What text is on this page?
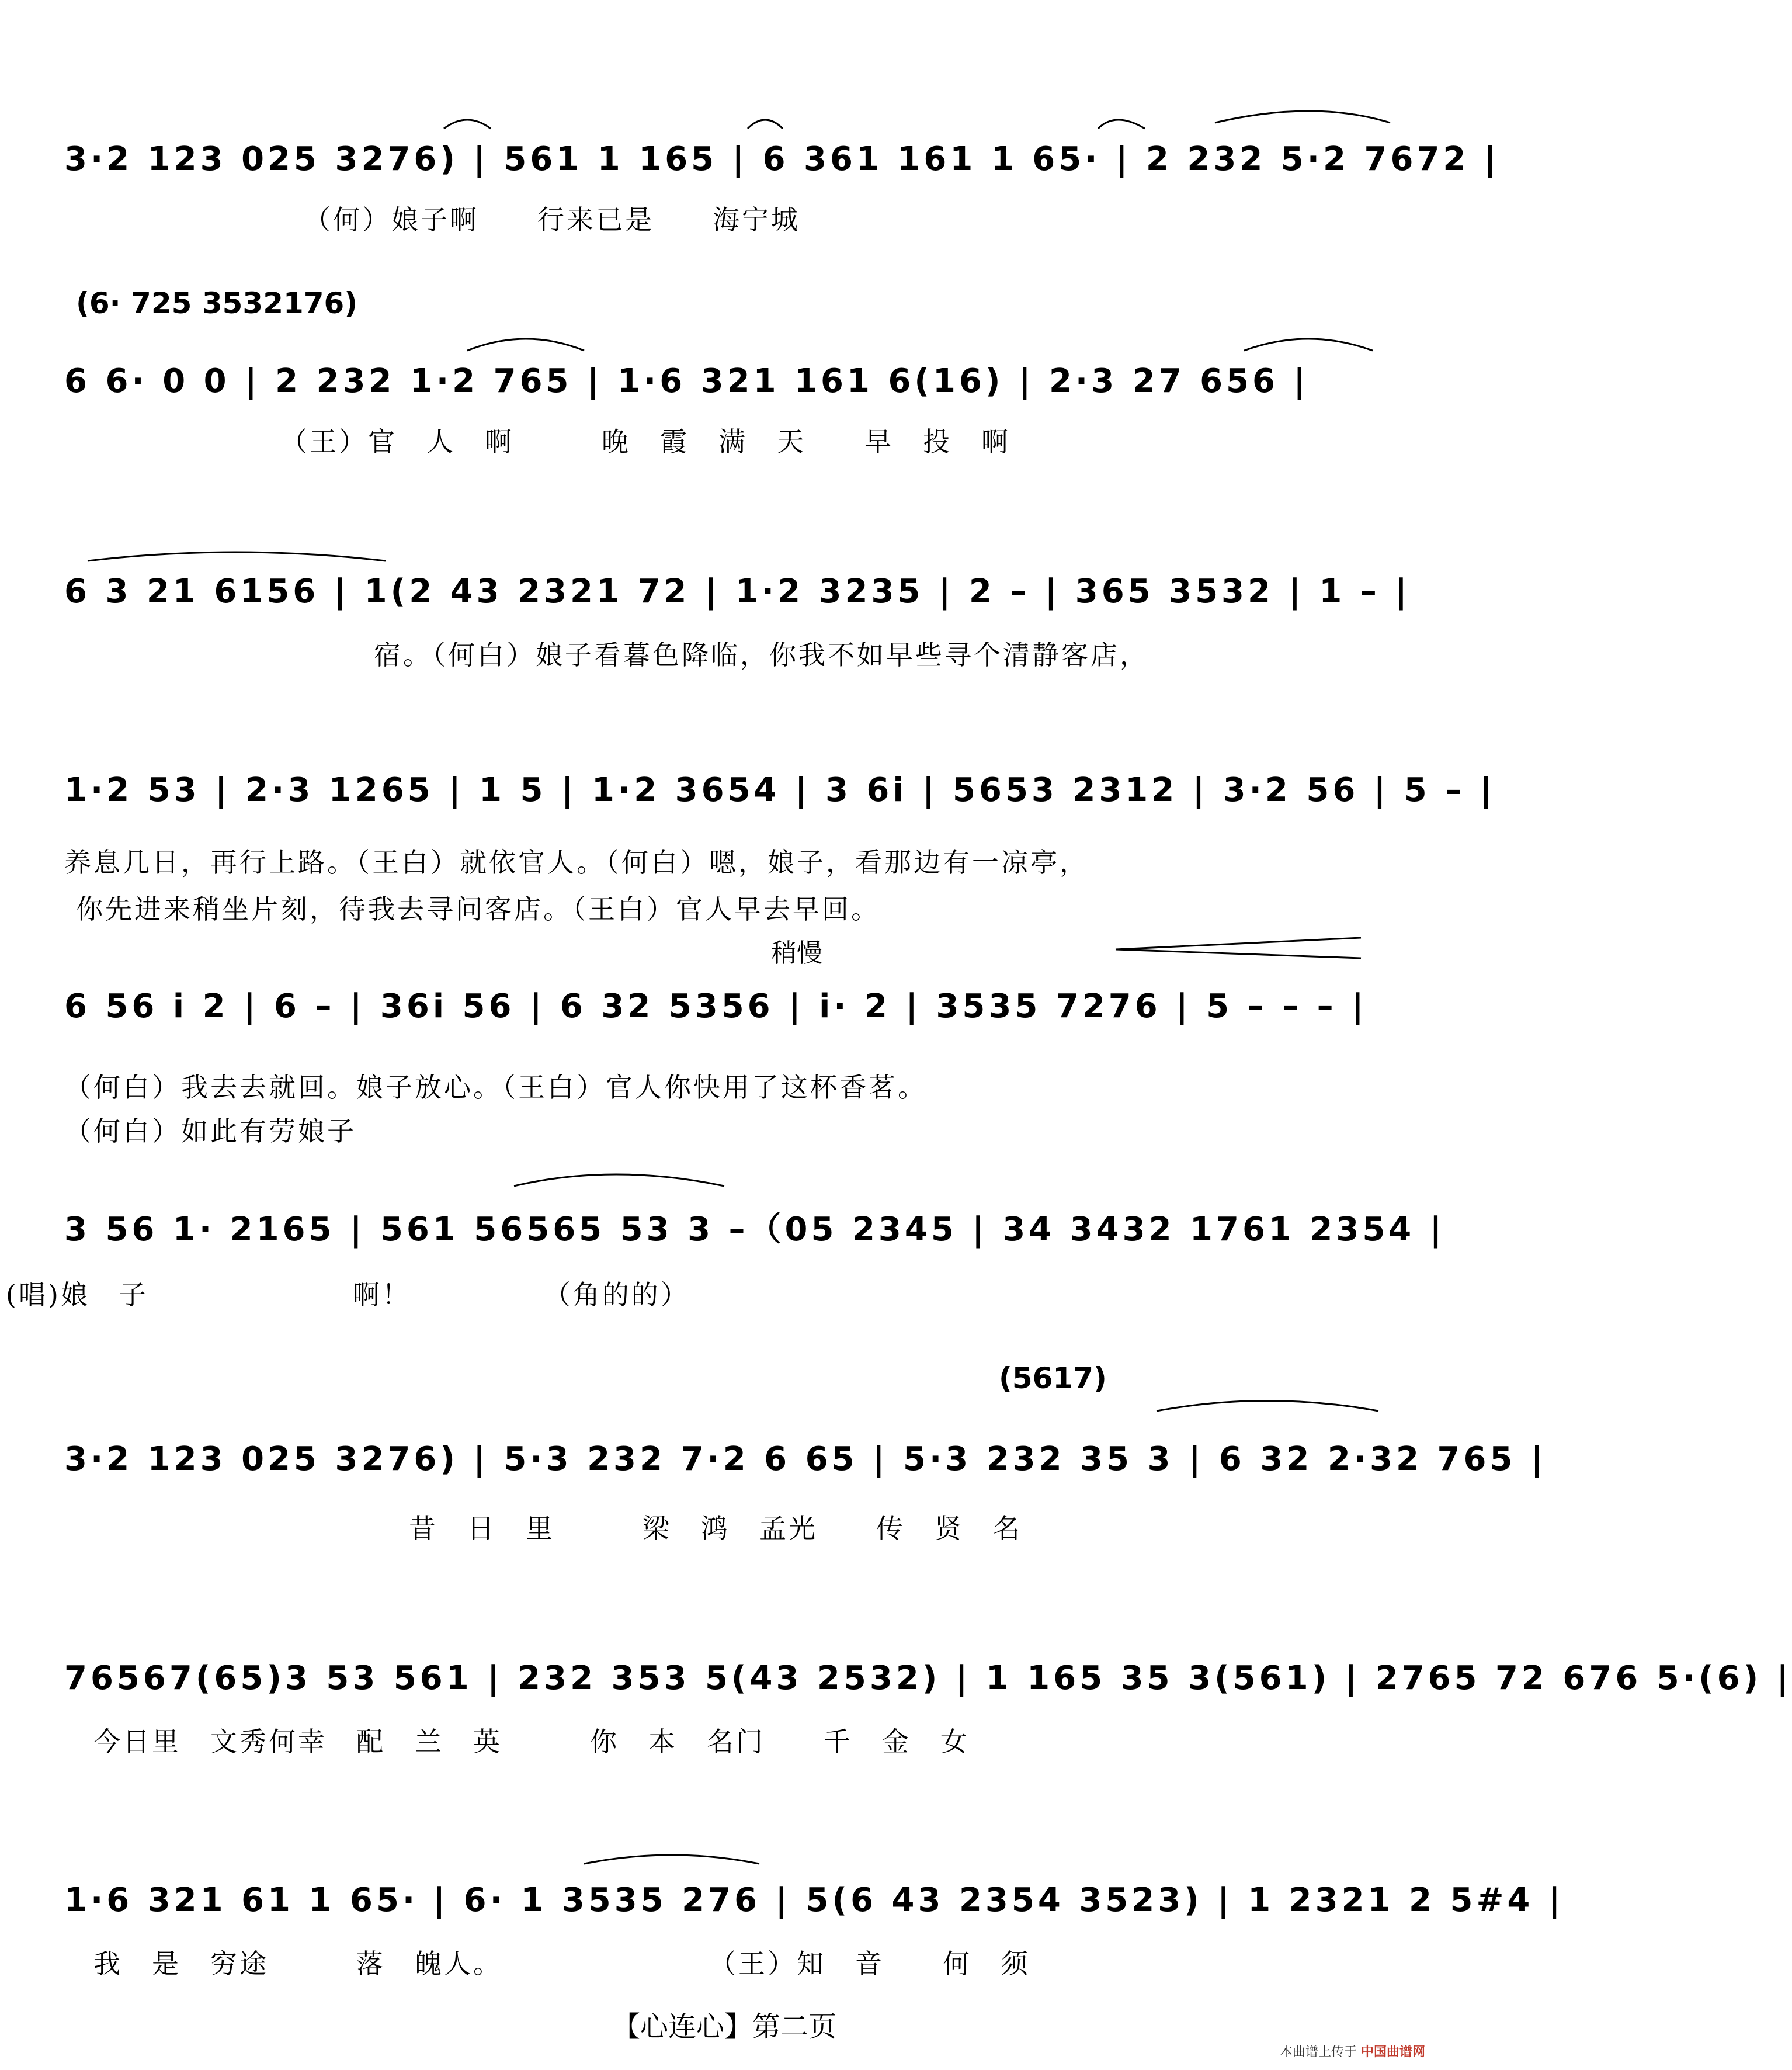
3·2 123 025 3276) | 561 1 165 | 6 361 161 1 65· | 2 232 5·2 7672 |
（何）娘子啊　　行来已是　　海宁城
(6· 725 3532176)
6 6· 0 0 | 2 232 1·2 765 | 1·6 321 161 6(16) | 2·3 27 656 |
（王）官　人　啊　　　晚　霞　满　天　　早　投　啊
6 3 21 6156 | 1(2 43 2321 72 | 1·2 3235 | 2 – | 365 3532 | 1 – |
宿。（何白）娘子看暮色降临，你我不如早些寻个清静客店，
1·2 53 | 2·3 1265 | 1 5 | 1·2 3654 | 3 6i | 5653 2312 | 3·2 56 | 5 – |
养息几日，再行上路。（王白）就依官人。（何白）嗯，娘子，看那边有一凉亭，
你先进来稍坐片刻，待我去寻问客店。（王白）官人早去早回。
稍慢
6 56 i 2 | 6 – | 36i 56 | 6 32 5356 | i· 2 | 3535 7276 | 5 – – – |
（何白）我去去就回。娘子放心。（王白）官人你快用了这杯香茗。
（何白）如此有劳娘子
3 56 1· 2165 | 561 56565 53 3 –（05 2345 | 34 3432 1761 2354 |
(唱)娘　子　　　　　　　啊！　　　　　（角的的）
(5617)
3·2 123 025 3276) | 5·3 232 7·2 6 65 | 5·3 232 35 3 | 6 32 2·32 765 |
　　　　　　　　　　昔　日　里　　　梁　鸿　孟光　　传　贤　名
76567(65)3 53 561 | 232 353 5(43 2532) | 1 165 35 3(561) | 2765 72 676 5·(6) |
今日里　文秀何幸　配　兰　英　　　你　本　名门　　千　金　女
1·6 321 61 1 65· | 6· 1 3535 276 | 5(6 43 2354 3523) | 1 2321 2 5#4 |
我　是　穷途　　　落　魄人。　　　　　　　　（王）知　音　　何　须
【心连心】第二页
本曲谱上传于 中国曲谱网
